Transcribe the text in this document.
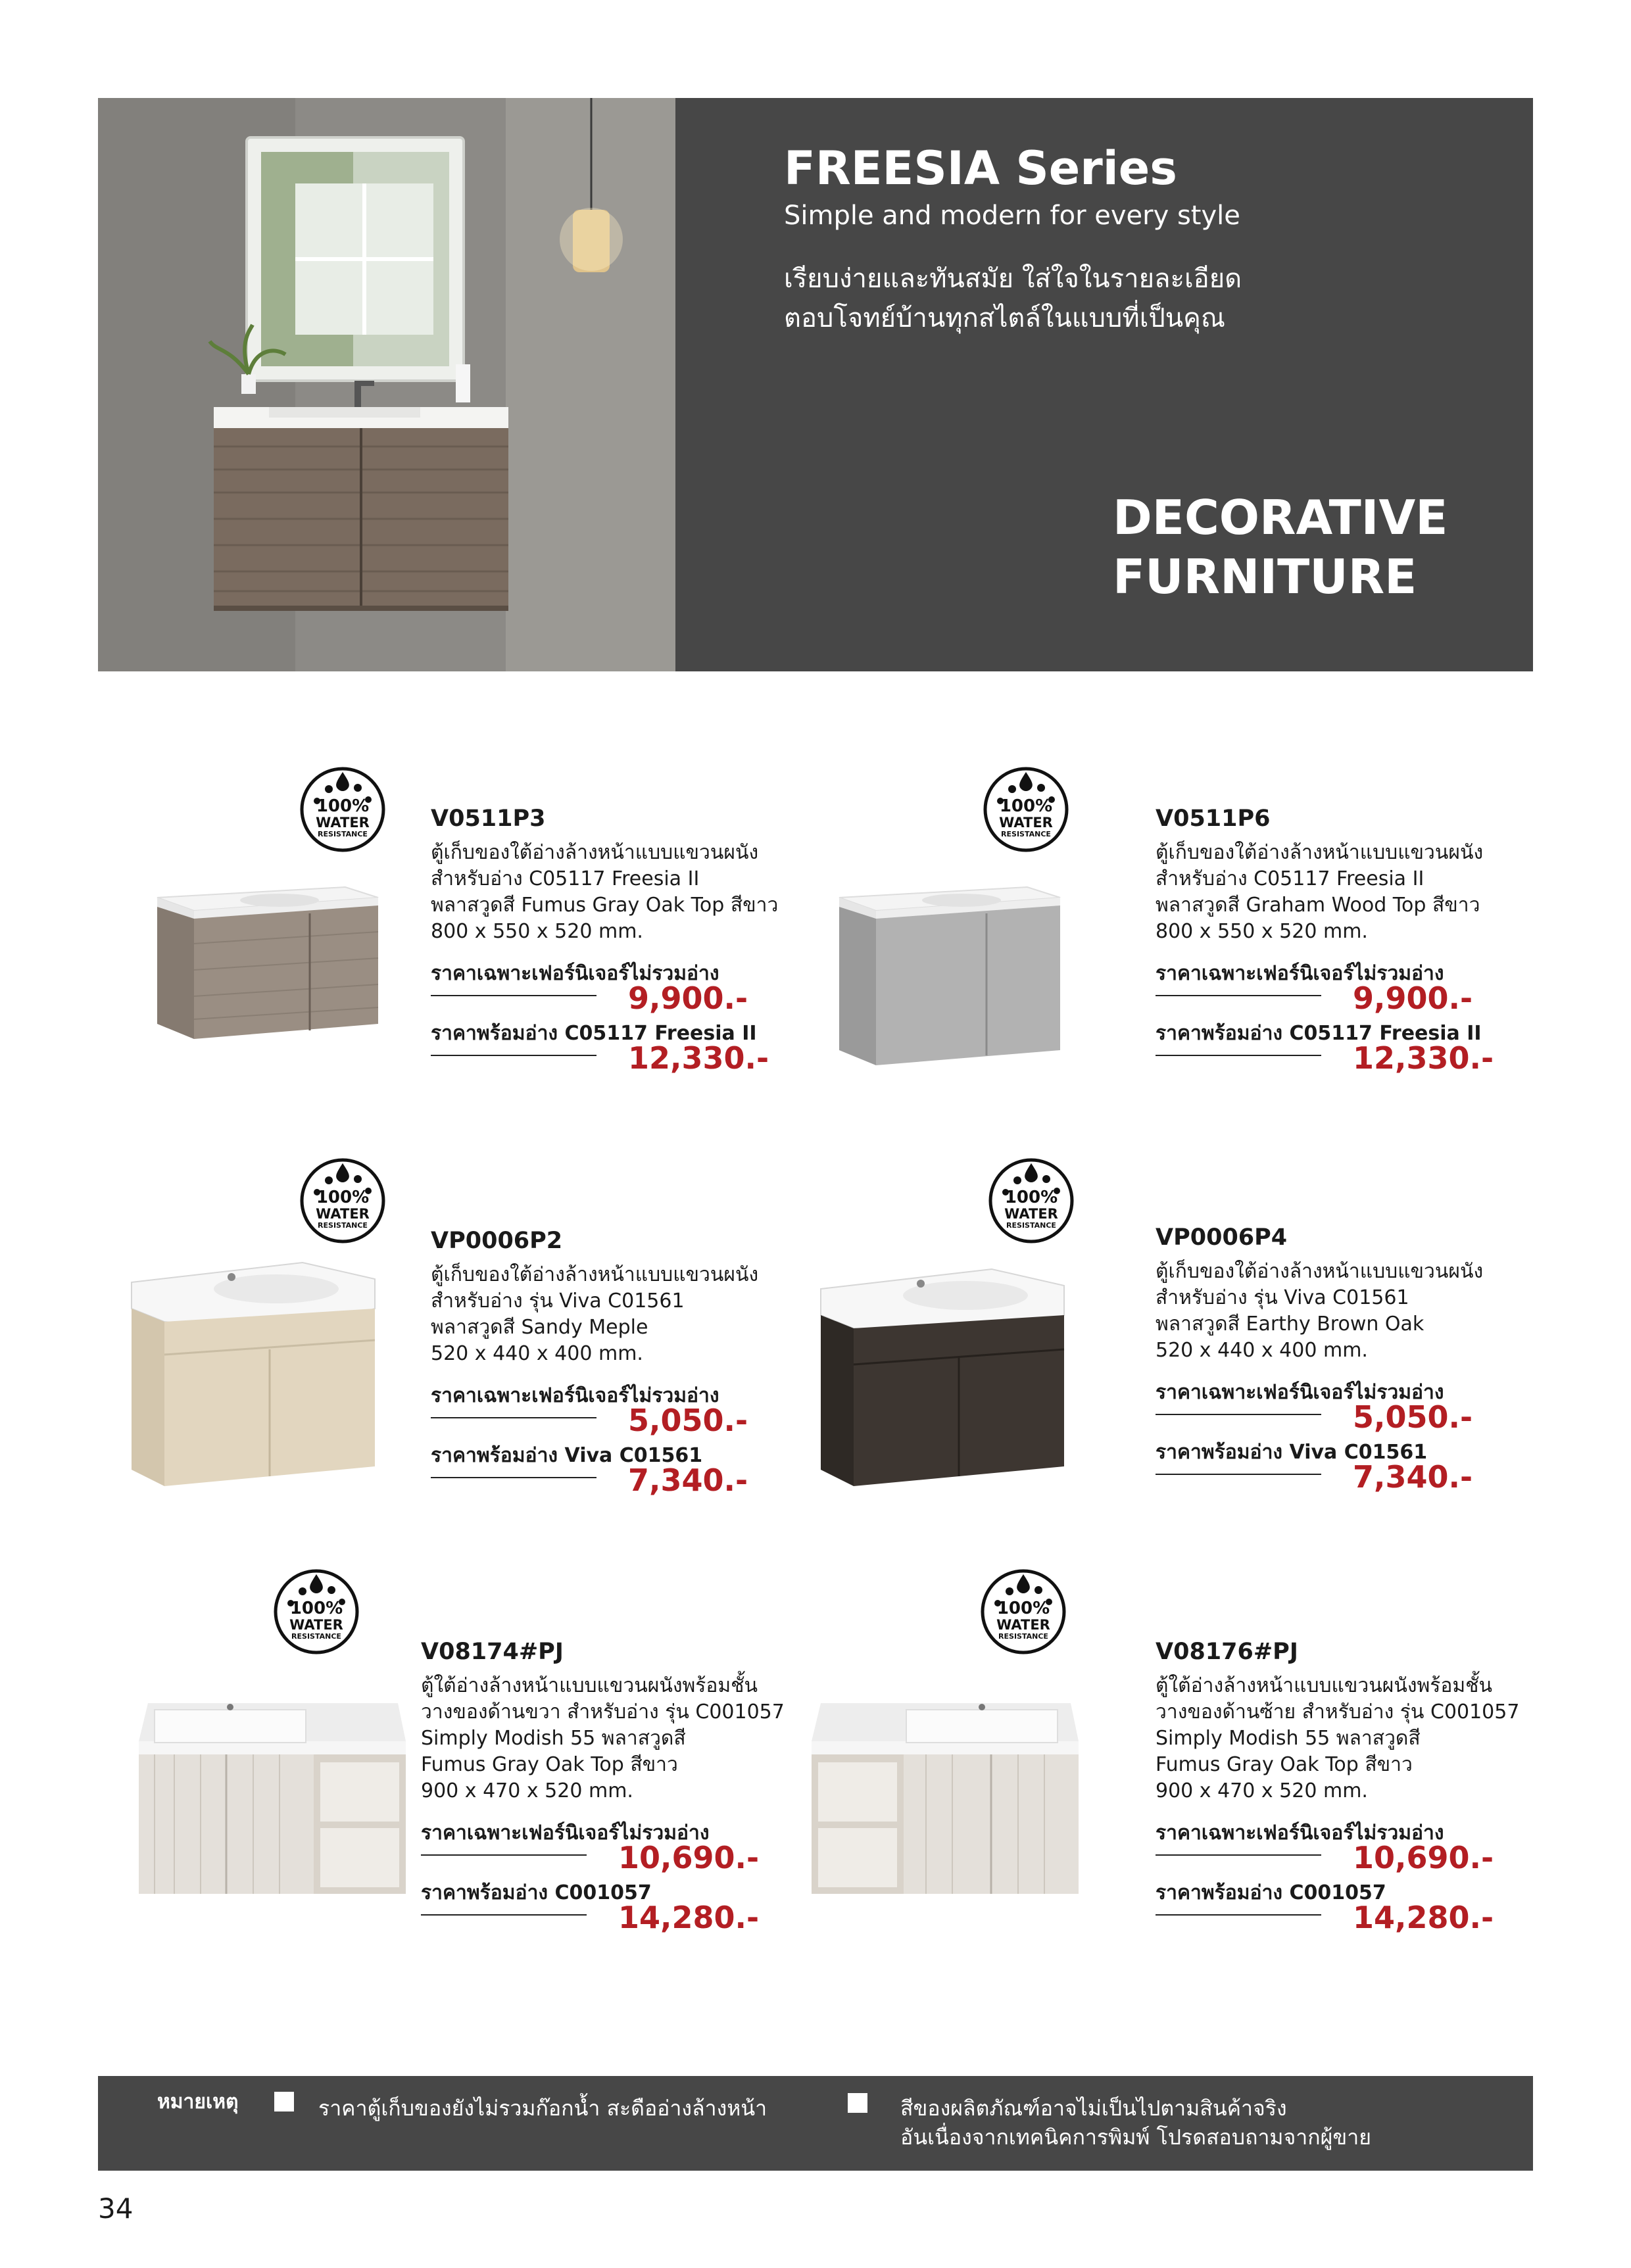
FREESIA Series
Simple and modern for every style
เรียบง่ายและทันสมัย ใส่ใจในรายละเอียด
ตอบโจทย์บ้านทุกสไตล์ในแบบที่เป็นคุณ
DECORATIVE
FURNITURE
100%
WATER
RESISTANCE
100%
WATER
RESISTANCE
100%
WATER
RESISTANCE
100%
WATER
RESISTANCE
100%
WATER
RESISTANCE
100%
WATER
RESISTANCE
V0511P3

ตู้เก็บของใต้อ่างล้างหน้าแบบแขวนผนัง

สำหรับอ่าง C05117 Freesia II

พลาสวูดสี Fumus Gray Oak Top สีขาว

800 x 550 x 520 mm.

ราคาเฉพาะเฟอร์นิเจอร์ไม่รวมอ่าง
9,900.-
ราคาพร้อมอ่าง C05117 Freesia II
12,330.-
V0511P6

ตู้เก็บของใต้อ่างล้างหน้าแบบแขวนผนัง

สำหรับอ่าง C05117 Freesia II

พลาสวูดสี Graham Wood Top สีขาว

800 x 550 x 520 mm.

ราคาเฉพาะเฟอร์นิเจอร์ไม่รวมอ่าง
9,900.-
ราคาพร้อมอ่าง C05117 Freesia II
12,330.-
VP0006P2

ตู้เก็บของใต้อ่างล้างหน้าแบบแขวนผนัง

สำหรับอ่าง รุ่น Viva C01561

พลาสวูดสี Sandy Meple

520 x 440 x 400 mm.

ราคาเฉพาะเฟอร์นิเจอร์ไม่รวมอ่าง
5,050.-
ราคาพร้อมอ่าง Viva C01561
7,340.-
VP0006P4

ตู้เก็บของใต้อ่างล้างหน้าแบบแขวนผนัง

สำหรับอ่าง รุ่น Viva C01561

พลาสวูดสี Earthy Brown Oak

520 x 440 x 400 mm.

ราคาเฉพาะเฟอร์นิเจอร์ไม่รวมอ่าง
5,050.-
ราคาพร้อมอ่าง Viva C01561
7,340.-
V08174#PJ

ตู้ใต้อ่างล้างหน้าแบบแขวนผนังพร้อมชั้น

วางของด้านขวา สำหรับอ่าง รุ่น C001057

Simply Modish 55 พลาสวูดสี

Fumus Gray Oak Top สีขาว

900 x 470 x 520 mm.

ราคาเฉพาะเฟอร์นิเจอร์ไม่รวมอ่าง
10,690.-
ราคาพร้อมอ่าง C001057
14,280.-
V08176#PJ

ตู้ใต้อ่างล้างหน้าแบบแขวนผนังพร้อมชั้น

วางของด้านซ้าย สำหรับอ่าง รุ่น C001057

Simply Modish 55 พลาสวูดสี

Fumus Gray Oak Top สีขาว

900 x 470 x 520 mm.

ราคาเฉพาะเฟอร์นิเจอร์ไม่รวมอ่าง
10,690.-
ราคาพร้อมอ่าง C001057
14,280.-
หมายเหตุ	ราคาตู้เก็บของยังไม่รวมก๊อกน้ำ สะดืออ่างล้างหน้า	สีของผลิตภัณฑ์อาจไม่เป็นไปตามสินค้าจริง
อันเนื่องจากเทคนิคการพิมพ์ โปรดสอบถามจากผู้ขาย
34
